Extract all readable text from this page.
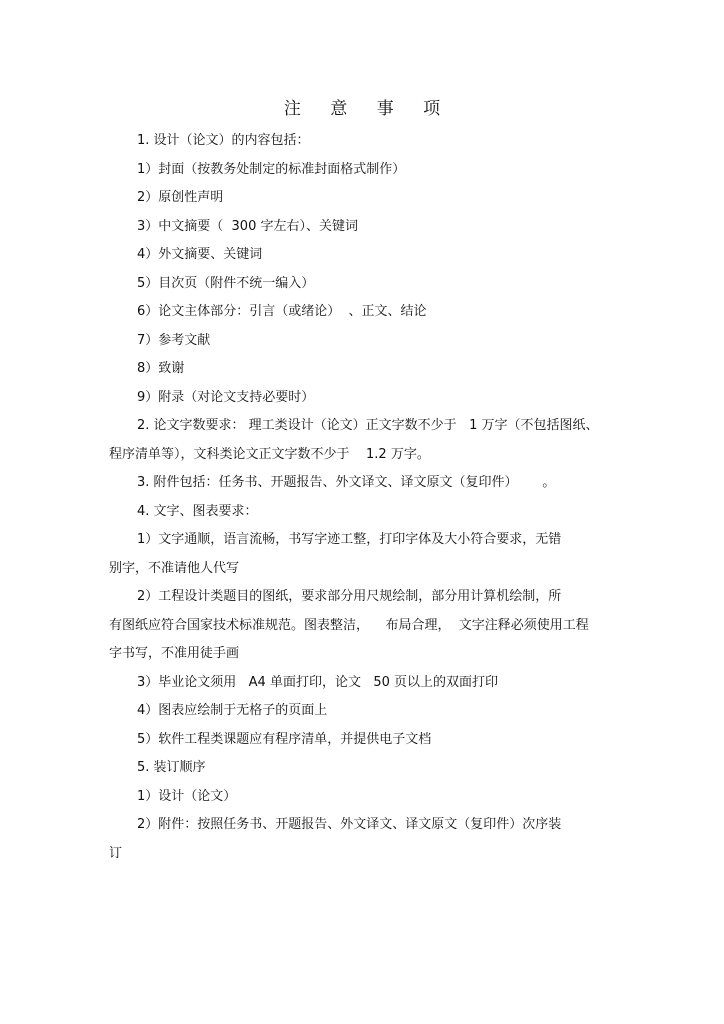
注 意 事 项
1. 设计（论文）的内容包括：
1）封面（按教务处制定的标准封面格式制作）
2）原创性声明
3）中文摘要（  300 字左右）、关键词
4）外文摘要、关键词
5）目次页（附件不统一编入）
6）论文主体部分：引言（或绪论）  、正文、结论
7）参考文献
8）致谢
9）附录（对论文支持必要时）
2. 论文字数要求： 理工类设计（论文）正文字数不少于   1 万字（不包括图纸、
程序清单等），文科类论文正文字数不少于    1.2 万字。
3. 附件包括：任务书、开题报告、外文译文、译文原文（复印件）      。
4. 文字、图表要求：
1）文字通顺，语言流畅，书写字迹工整，打印字体及大小符合要求，无错
别字，不准请他人代写
2）工程设计类题目的图纸，要求部分用尺规绘制，部分用计算机绘制，所
有图纸应符合国家技术标准规范。图表整洁，    布局合理，  文字注释必须使用工程
字书写，不准用徒手画
3）毕业论文须用   A4 单面打印，论文   50 页以上的双面打印
4）图表应绘制于无格子的页面上
5）软件工程类课题应有程序清单，并提供电子文档
5. 装订顺序
1）设计（论文）
2）附件：按照任务书、开题报告、外文译文、译文原文（复印件）次序装
订
